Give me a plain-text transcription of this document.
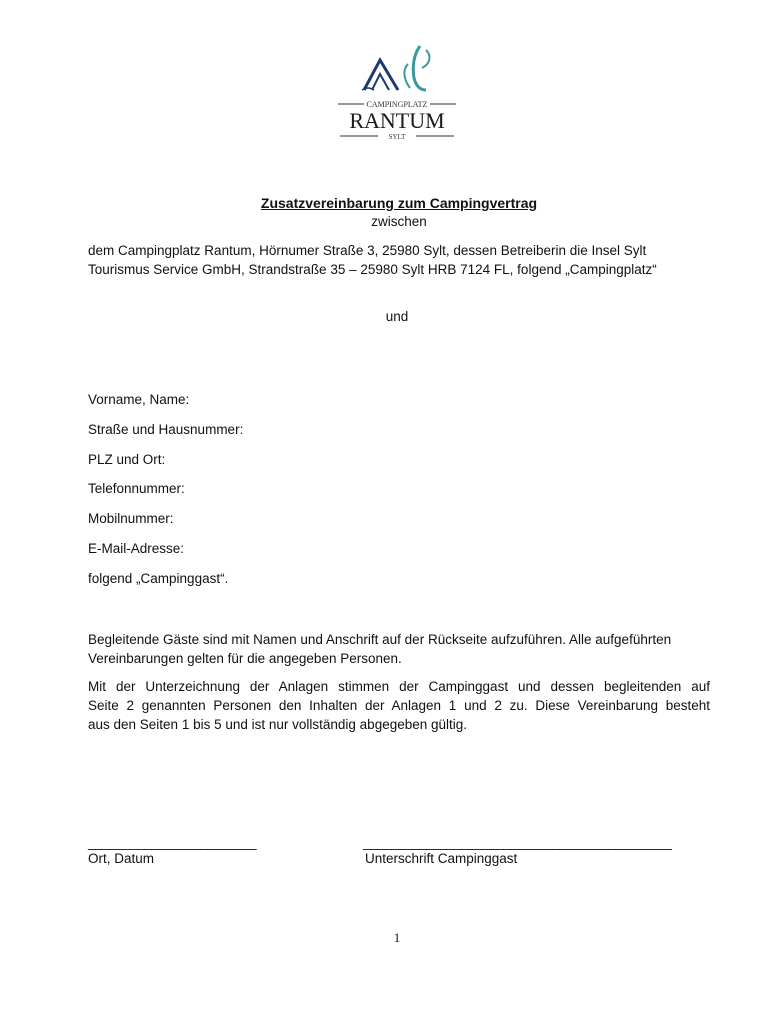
CAMPINGPLATZ
RANTUM
SYLT
Zusatzvereinbarung zum Campingvertrag
zwischen
dem Campingplatz Rantum, Hörnumer Straße 3, 25980 Sylt, dessen Betreiberin die Insel Sylt
Tourismus Service GmbH, Strandstraße 35 – 25980 Sylt HRB 7124 FL, folgend „Campingplatz“
und
Vorname, Name:
Straße und Hausnummer:
PLZ und Ort:
Telefonnummer:
Mobilnummer:
E-Mail-Adresse:
folgend „Campinggast“.
Begleitende Gäste sind mit Namen und Anschrift auf der Rückseite aufzuführen. Alle aufgeführten
Vereinbarungen gelten für die angegeben Personen.
Mit der Unterzeichnung der Anlagen stimmen der Campinggast und dessen begleitenden auf
Seite 2 genannten Personen den Inhalten der Anlagen 1 und 2 zu. Diese Vereinbarung besteht
aus den Seiten 1 bis 5 und ist nur vollständig abgegeben gültig.
________________________
Ort, Datum
____________________________________________
Unterschrift Campinggast
1
